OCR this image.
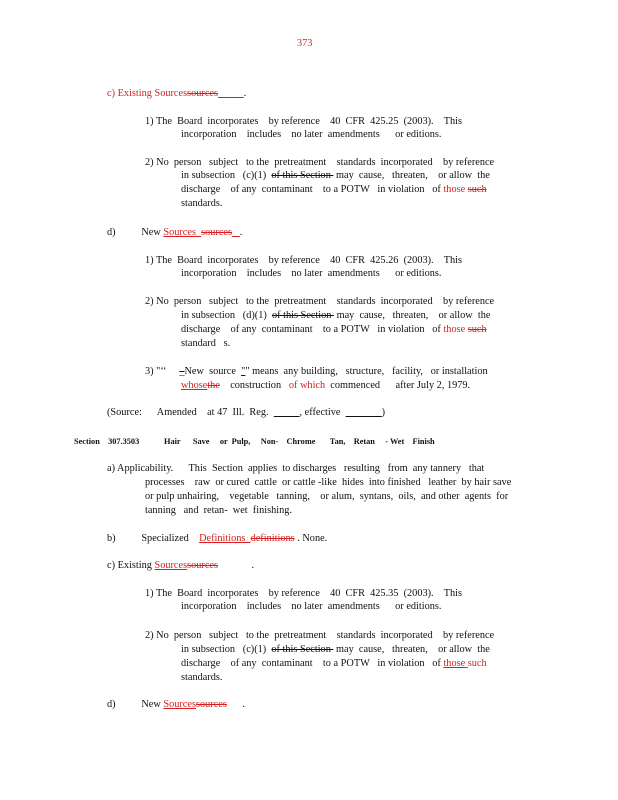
373
c) Existing Sourcessources	.
1) The  Board  incorporates    by reference    40  CFR  425.25  (2003).    This
incorporation    includes    no later  amendments      or editions.
2) No  person   subject   to the  pretreatment    standards  incorporated    by reference
in subsection   (c)(1)  of this Section  may  cause,   threaten,    or allow  the
discharge    of any  contaminant    to a POTW   in violation   of those such
standards.
d)	New Sources sources .
1) The  Board  incorporates    by reference    40  CFR  425.26  (2003).    This
incorporation    includes    no later  amendments      or editions.
2) No  person   subject   to the  pretreatment    standards  incorporated    by reference
in subsection   (d)(1)  of this Section  may  cause,   threaten,    or allow  the
discharge    of any  contaminant    to a POTW   in violation   of those such
standard   s.
3) "‘‘     _New  source  "" means  any building,   structure,   facility,   or installation
whosethe    construction   of which  commenced      after July 2, 1979.
(Source:      Amended    at 47  Ill.  Reg.	, effective	)
Section    307.3503	Hair      Save     or  Pulp,     Non-    Chrome       Tan,    Retan     - Wet    Finish
a) Applicability.      This  Section  applies  to discharges   resulting   from  any tannery   that
processes    raw  or cured  cattle  or cattle -like  hides  into finished   leather  by hair save
or pulp unhairing,    vegetable   tanning,    or alum,  syntans,  oils,  and other  agents  for
tanning   and  retan-  wet  finishing.
b)	Specialized    Definitions definitions . None.
c) Existing Sourcessources	.
1) The  Board  incorporates    by reference    40  CFR  425.35  (2003).    This
incorporation    includes    no later  amendments      or editions.
2) No  person   subject   to the  pretreatment    standards  incorporated    by reference
in subsection   (c)(1)  of this Section  may  cause,   threaten,    or allow  the
discharge    of any  contaminant    to a POTW   in violation   of those such
standards.
d)	New Sourcessources .
